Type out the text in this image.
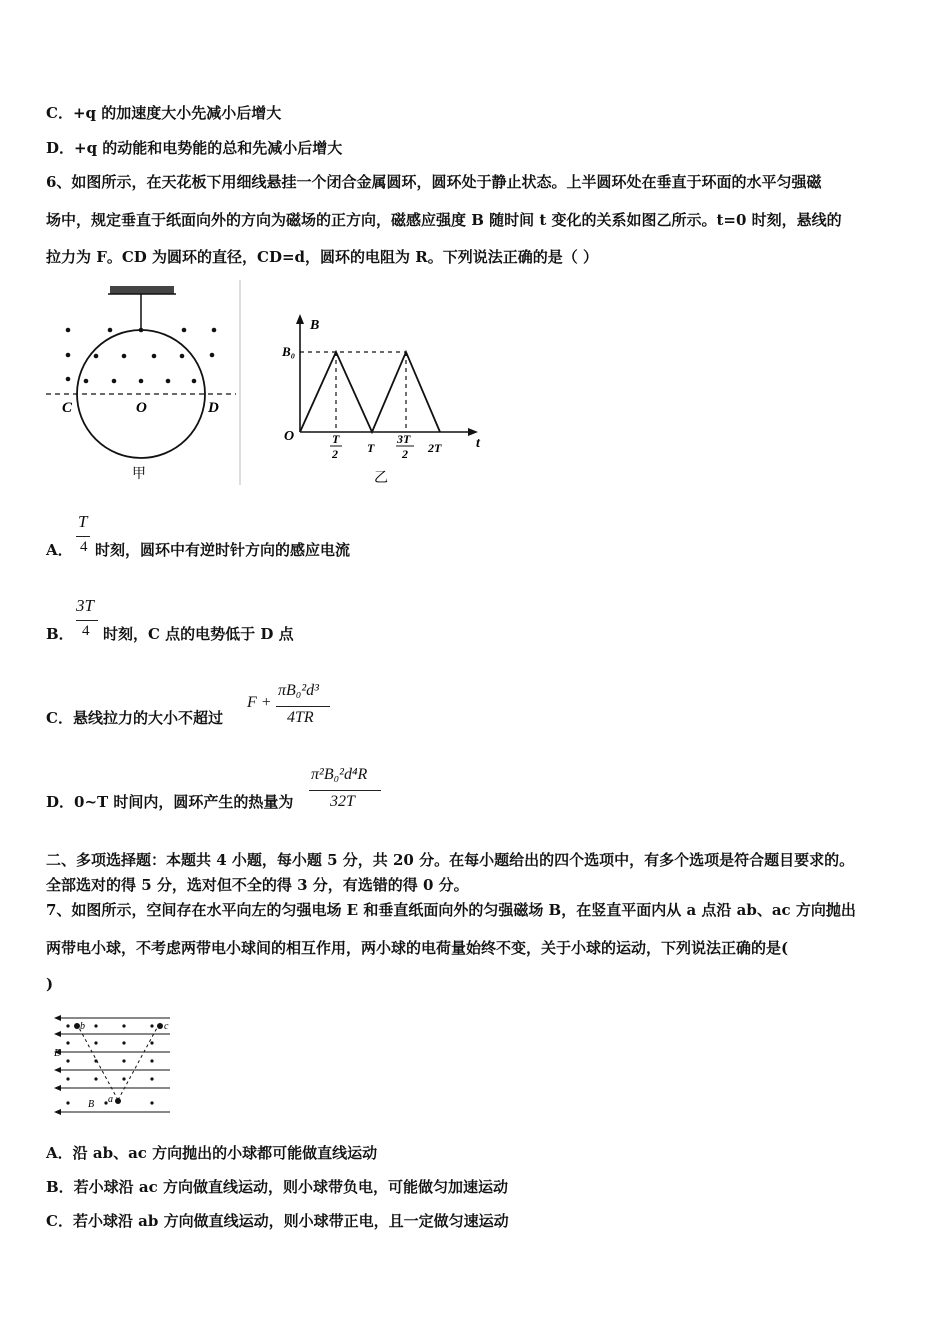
C．+q 的加速度大小先减小后增大
D．+q 的动能和电势能的总和先减小后增大
6、如图所示，在天花板下用细线悬挂一个闭合金属圆环，圆环处于静止状态。上半圆环处在垂直于环面的水平匀强磁
场中，规定垂直于纸面向外的方向为磁场的正方向，磁感应强度 B 随时间 t 变化的关系如图乙所示。t=0 时刻，悬线的
拉力为 F。CD 为圆环的直径，CD=d，圆环的电阻为 R。下列说法正确的是（ ）
C	O	D
甲
B
t
O
B₀
T
2 T
3T
2 2T
乙
T
4
A． 时刻，圆环中有逆时针方向的感应电流
3T
4
B． 时刻，C 点的电势低于 D 点
C．悬线拉力的大小不超过
F +
πB₀²d³
4TR
D．0~T 时间内，圆环产生的热量为
π²B₀²d⁴R
32T
二、多项选择题：本题共 4 小题，每小题 5 分，共 20 分。在每小题给出的四个选项中，有多个选项是符合题目要求的。
全部选对的得 5 分，选对但不全的得 3 分，有选错的得 0 分。
7、如图所示，空间存在水平向左的匀强电场 E 和垂直纸面向外的匀强磁场 B，在竖直平面内从 a 点沿 ab、ac 方向抛出
两带电小球，不考虑两带电小球间的相互作用，两小球的电荷量始终不变，关于小球的运动，下列说法正确的是(
)
b	c
E
B a
A．沿 ab、ac 方向抛出的小球都可能做直线运动
B．若小球沿 ac 方向做直线运动，则小球带负电，可能做匀加速运动
C．若小球沿 ab 方向做直线运动，则小球带正电，且一定做匀速运动
